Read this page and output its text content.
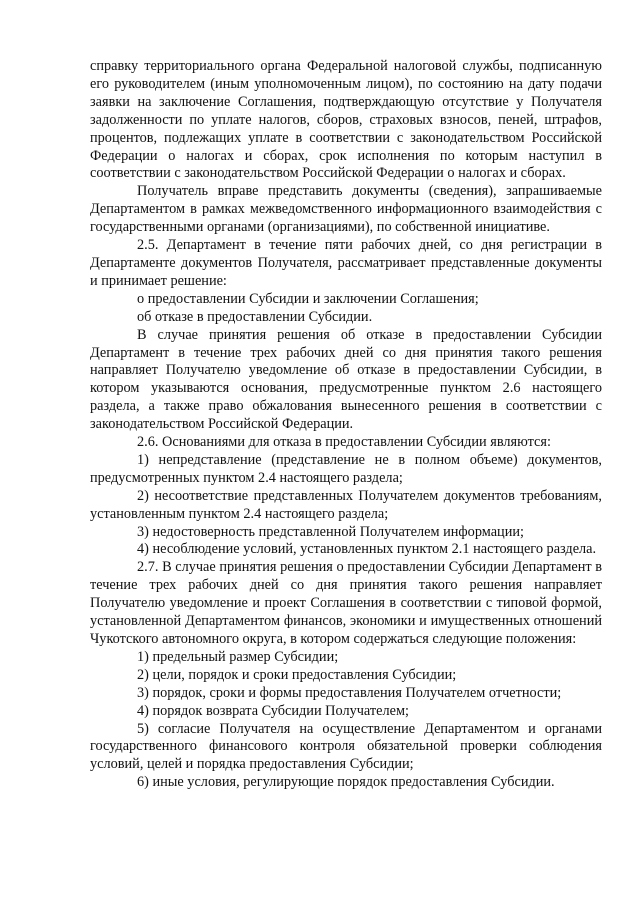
справку территориального органа Федеральной налоговой службы, подписанную его руководителем (иным уполномоченным лицом), по состоянию на дату подачи заявки на заключение Соглашения, подтверждающую отсутствие у Получателя задолженности по уплате налогов, сборов, страховых взносов, пеней, штрафов, процентов, подлежащих уплате в соответствии с законодательством Российской Федерации о налогах и сборах, срок исполнения по которым наступил в соответствии с законодательством Российской Федерации о налогах и сборах.

Получатель вправе представить документы (сведения), запрашиваемые Департаментом в рамках межведомственного информационного взаимодействия с государственными органами (организациями), по собственной инициативе.

2.5. Департамент в течение пяти рабочих дней, со дня регистрации в Департаменте документов Получателя, рассматривает представленные документы и принимает решение:

о предоставлении Субсидии и заключении Соглашения;

об отказе в предоставлении Субсидии.

В случае принятия решения об отказе в предоставлении Субсидии Департамент в течение трех рабочих дней со дня принятия такого решения направляет Получателю уведомление об отказе в предоставлении Субсидии, в котором указываются основания, предусмотренные пунктом 2.6 настоящего раздела, а также право обжалования вынесенного решения в соответствии с законодательством Российской Федерации.

2.6. Основаниями для отказа в предоставлении Субсидии являются:

1) непредставление (представление не в полном объеме) документов, предусмотренных пунктом 2.4 настоящего раздела;

2) несоответствие представленных Получателем документов требованиям, установленным пунктом 2.4 настоящего раздела;

3) недостоверность представленной Получателем информации;

4) несоблюдение условий, установленных пунктом 2.1 настоящего раздела.

2.7. В случае принятия решения о предоставлении Субсидии Департамент в течение трех рабочих дней со дня принятия такого решения направляет Получателю уведомление и проект Соглашения в соответствии с типовой формой, установленной Департаментом финансов, экономики и имущественных отношений Чукотского автономного округа, в котором содержаться следующие положения:

1) предельный размер Субсидии;

2) цели, порядок и сроки предоставления Субсидии;

3) порядок, сроки и формы предоставления Получателем отчетности;

4) порядок возврата Субсидии Получателем;

5) согласие Получателя на осуществление Департаментом и органами государственного финансового контроля обязательной проверки соблюдения условий, целей и порядка предоставления Субсидии;

6) иные условия, регулирующие порядок предоставления Субсидии.
